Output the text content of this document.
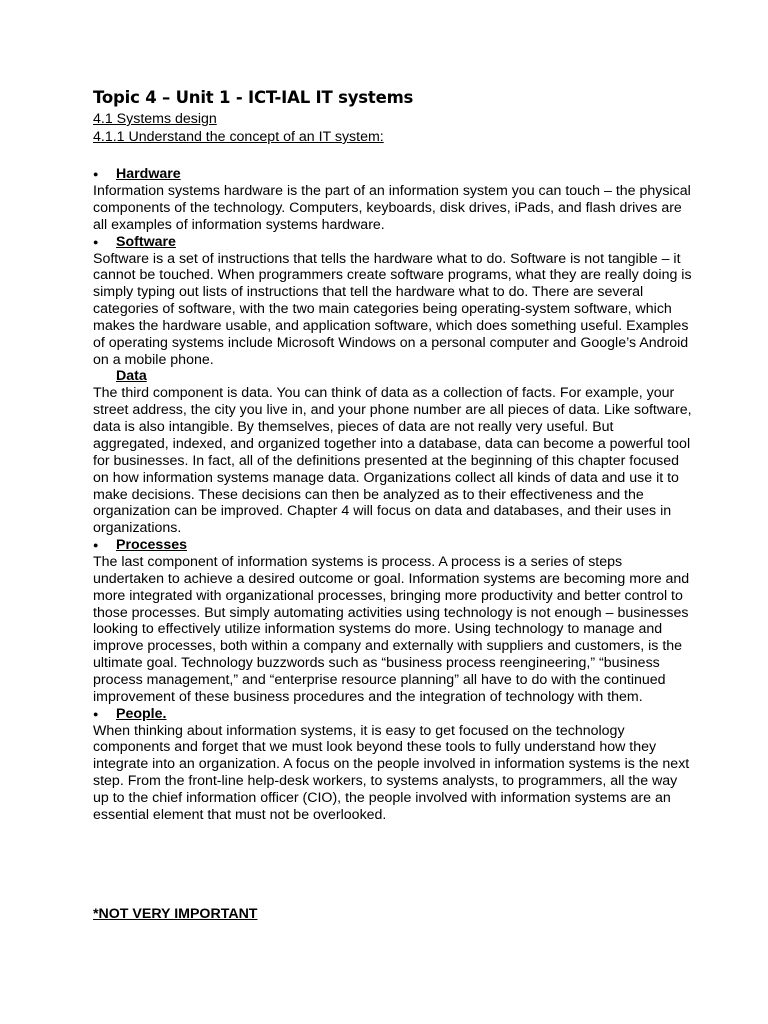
Topic 4 – Unit 1 - ICT-IAL IT systems
4.1 Systems design
4.1.1 Understand the concept of an IT system:
● Hardware

Information systems hardware is the part of an information system you can touch – the physical components of the technology. Computers, keyboards, disk drives, iPads, and flash drives are all examples of information systems hardware.

● Software

Software is a set of instructions that tells the hardware what to do. Software is not tangible – it cannot be touched. When programmers create software programs, what they are really doing is simply typing out lists of instructions that tell the hardware what to do. There are several categories of software, with the two main categories being operating-system software, which makes the hardware usable, and application software, which does something useful. Examples of operating systems include Microsoft Windows on a personal computer and Google’s Android on a mobile phone.

Data

The third component is data. You can think of data as a collection of facts. For example, your street address, the city you live in, and your phone number are all pieces of data. Like software, data is also intangible. By themselves, pieces of data are not really very useful. But aggregated, indexed, and organized together into a database, data can become a powerful tool for businesses. In fact, all of the definitions presented at the beginning of this chapter focused on how information systems manage data. Organizations collect all kinds of data and use it to make decisions. These decisions can then be analyzed as to their effectiveness and the organization can be improved. Chapter 4 will focus on data and databases, and their uses in organizations.

● Processes

The last component of information systems is process. A process is a series of steps undertaken to achieve a desired outcome or goal. Information systems are becoming more and more integrated with organizational processes, bringing more productivity and better control to those processes. But simply automating activities using technology is not enough – businesses looking to effectively utilize information systems do more. Using technology to manage and improve processes, both within a company and externally with suppliers and customers, is the ultimate goal. Technology buzzwords such as “business process reengineering,” “business process management,” and “enterprise resource planning” all have to do with the continued improvement of these business procedures and the integration of technology with them.

● People.

When thinking about information systems, it is easy to get focused on the technology components and forget that we must look beyond these tools to fully understand how they integrate into an organization. A focus on the people involved in information systems is the next step. From the front-line help-desk workers, to systems analysts, to programmers, all the way up to the chief information officer (CIO), the people involved with information systems are an essential element that must not be overlooked.

*NOT VERY IMPORTANT
